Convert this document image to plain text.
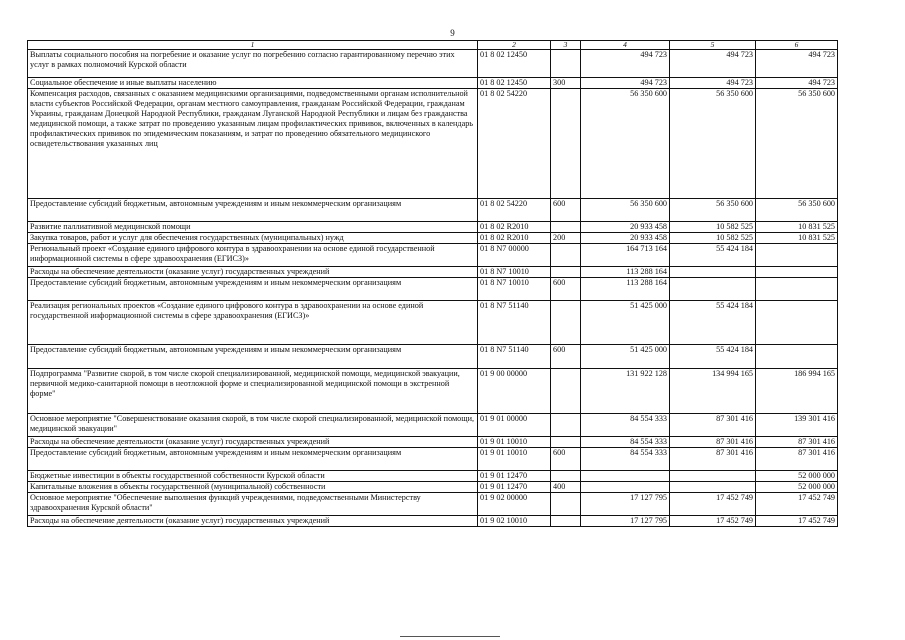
9
1	2	3	4	5	6
Выплаты социального пособия на погребение и оказание услуг по погребению согласно гарантированному перечню этих услуг в рамках полномочий Курской области	01 8 02 12450		494 723	494 723	494 723
Социальное обеспечение и иные выплаты населению	01 8 02 12450	300	494 723	494 723	494 723
Компенсация расходов, связанных с оказанием медицинскими организациями, подведомственными органам исполнительной власти субъектов Российской Федерации, органам местного самоуправления, гражданам Российской Федерации, гражданам Украины, гражданам Донецкой Народной Республики, гражданам Луганской Народной Республики и лицам без гражданства медицинской помощи, а также затрат по проведению указанным лицам профилактических прививок, включенных в календарь профилактических прививок по эпидемическим показаниям, и затрат по проведению обязательного медицинского освидетельствования указанных лиц	01 8 02 54220		56 350 600	56 350 600	56 350 600
Предоставление субсидий бюджетным, автономным учреждениям и иным некоммерческим организациям	01 8 02 54220	600	56 350 600	56 350 600	56 350 600
Развитие паллиативной медицинской помощи	01 8 02 R2010		20 933 458	10 582 525	10 831 525
Закупка товаров, работ и услуг для обеспечения государственных (муниципальных) нужд	01 8 02 R2010	200	20 933 458	10 582 525	10 831 525
Региональный проект «Создание единого цифрового контура в здравоохранении на основе единой государственной информационной системы в сфере здравоохранения (ЕГИСЗ)»	01 8 N7 00000		164 713 164	55 424 184	
Расходы на обеспечение деятельности (оказание услуг) государственных учреждений	01 8 N7 10010		113 288 164		
Предоставление субсидий бюджетным, автономным учреждениям и иным некоммерческим организациям	01 8 N7 10010	600	113 288 164		
Реализация региональных проектов «Создание единого цифрового контура в здравоохранении на основе единой государственной информационной системы в сфере здравоохранения (ЕГИСЗ)»	01 8 N7 51140		51 425 000	55 424 184	
Предоставление субсидий бюджетным, автономным учреждениям и иным некоммерческим организациям	01 8 N7 51140	600	51 425 000	55 424 184	
Подпрограмма "Развитие скорой, в том числе скорой специализированной, медицинской помощи, медицинской эвакуации, первичной медико-санитарной помощи в неотложной форме и специализированной медицинской помощи в экстренной форме"	01 9 00 00000		131 922 128	134 994 165	186 994 165
Основное мероприятие "Совершенствование оказания скорой, в том числе скорой специализированной, медицинской помощи, медицинской эвакуации"	01 9 01 00000		84 554 333	87 301 416	139 301 416
Расходы на обеспечение деятельности (оказание услуг) государственных учреждений	01 9 01 10010		84 554 333	87 301 416	87 301 416
Предоставление субсидий бюджетным, автономным учреждениям и иным некоммерческим организациям	01 9 01 10010	600	84 554 333	87 301 416	87 301 416
Бюджетные инвестиции в объекты государственной собственности Курской области	01 9 01 12470				52 000 000
Капитальные вложения в объекты государственной (муниципальной) собственности	01 9 01 12470	400			52 000 000
Основное мероприятие "Обеспечение выполнения функций учреждениями, подведомственными Министерству здравоохранения Курской области"	01 9 02 00000		17 127 795	17 452 749	17 452 749
Расходы на обеспечение деятельности (оказание услуг) государственных учреждений	01 9 02 10010		17 127 795	17 452 749	17 452 749
